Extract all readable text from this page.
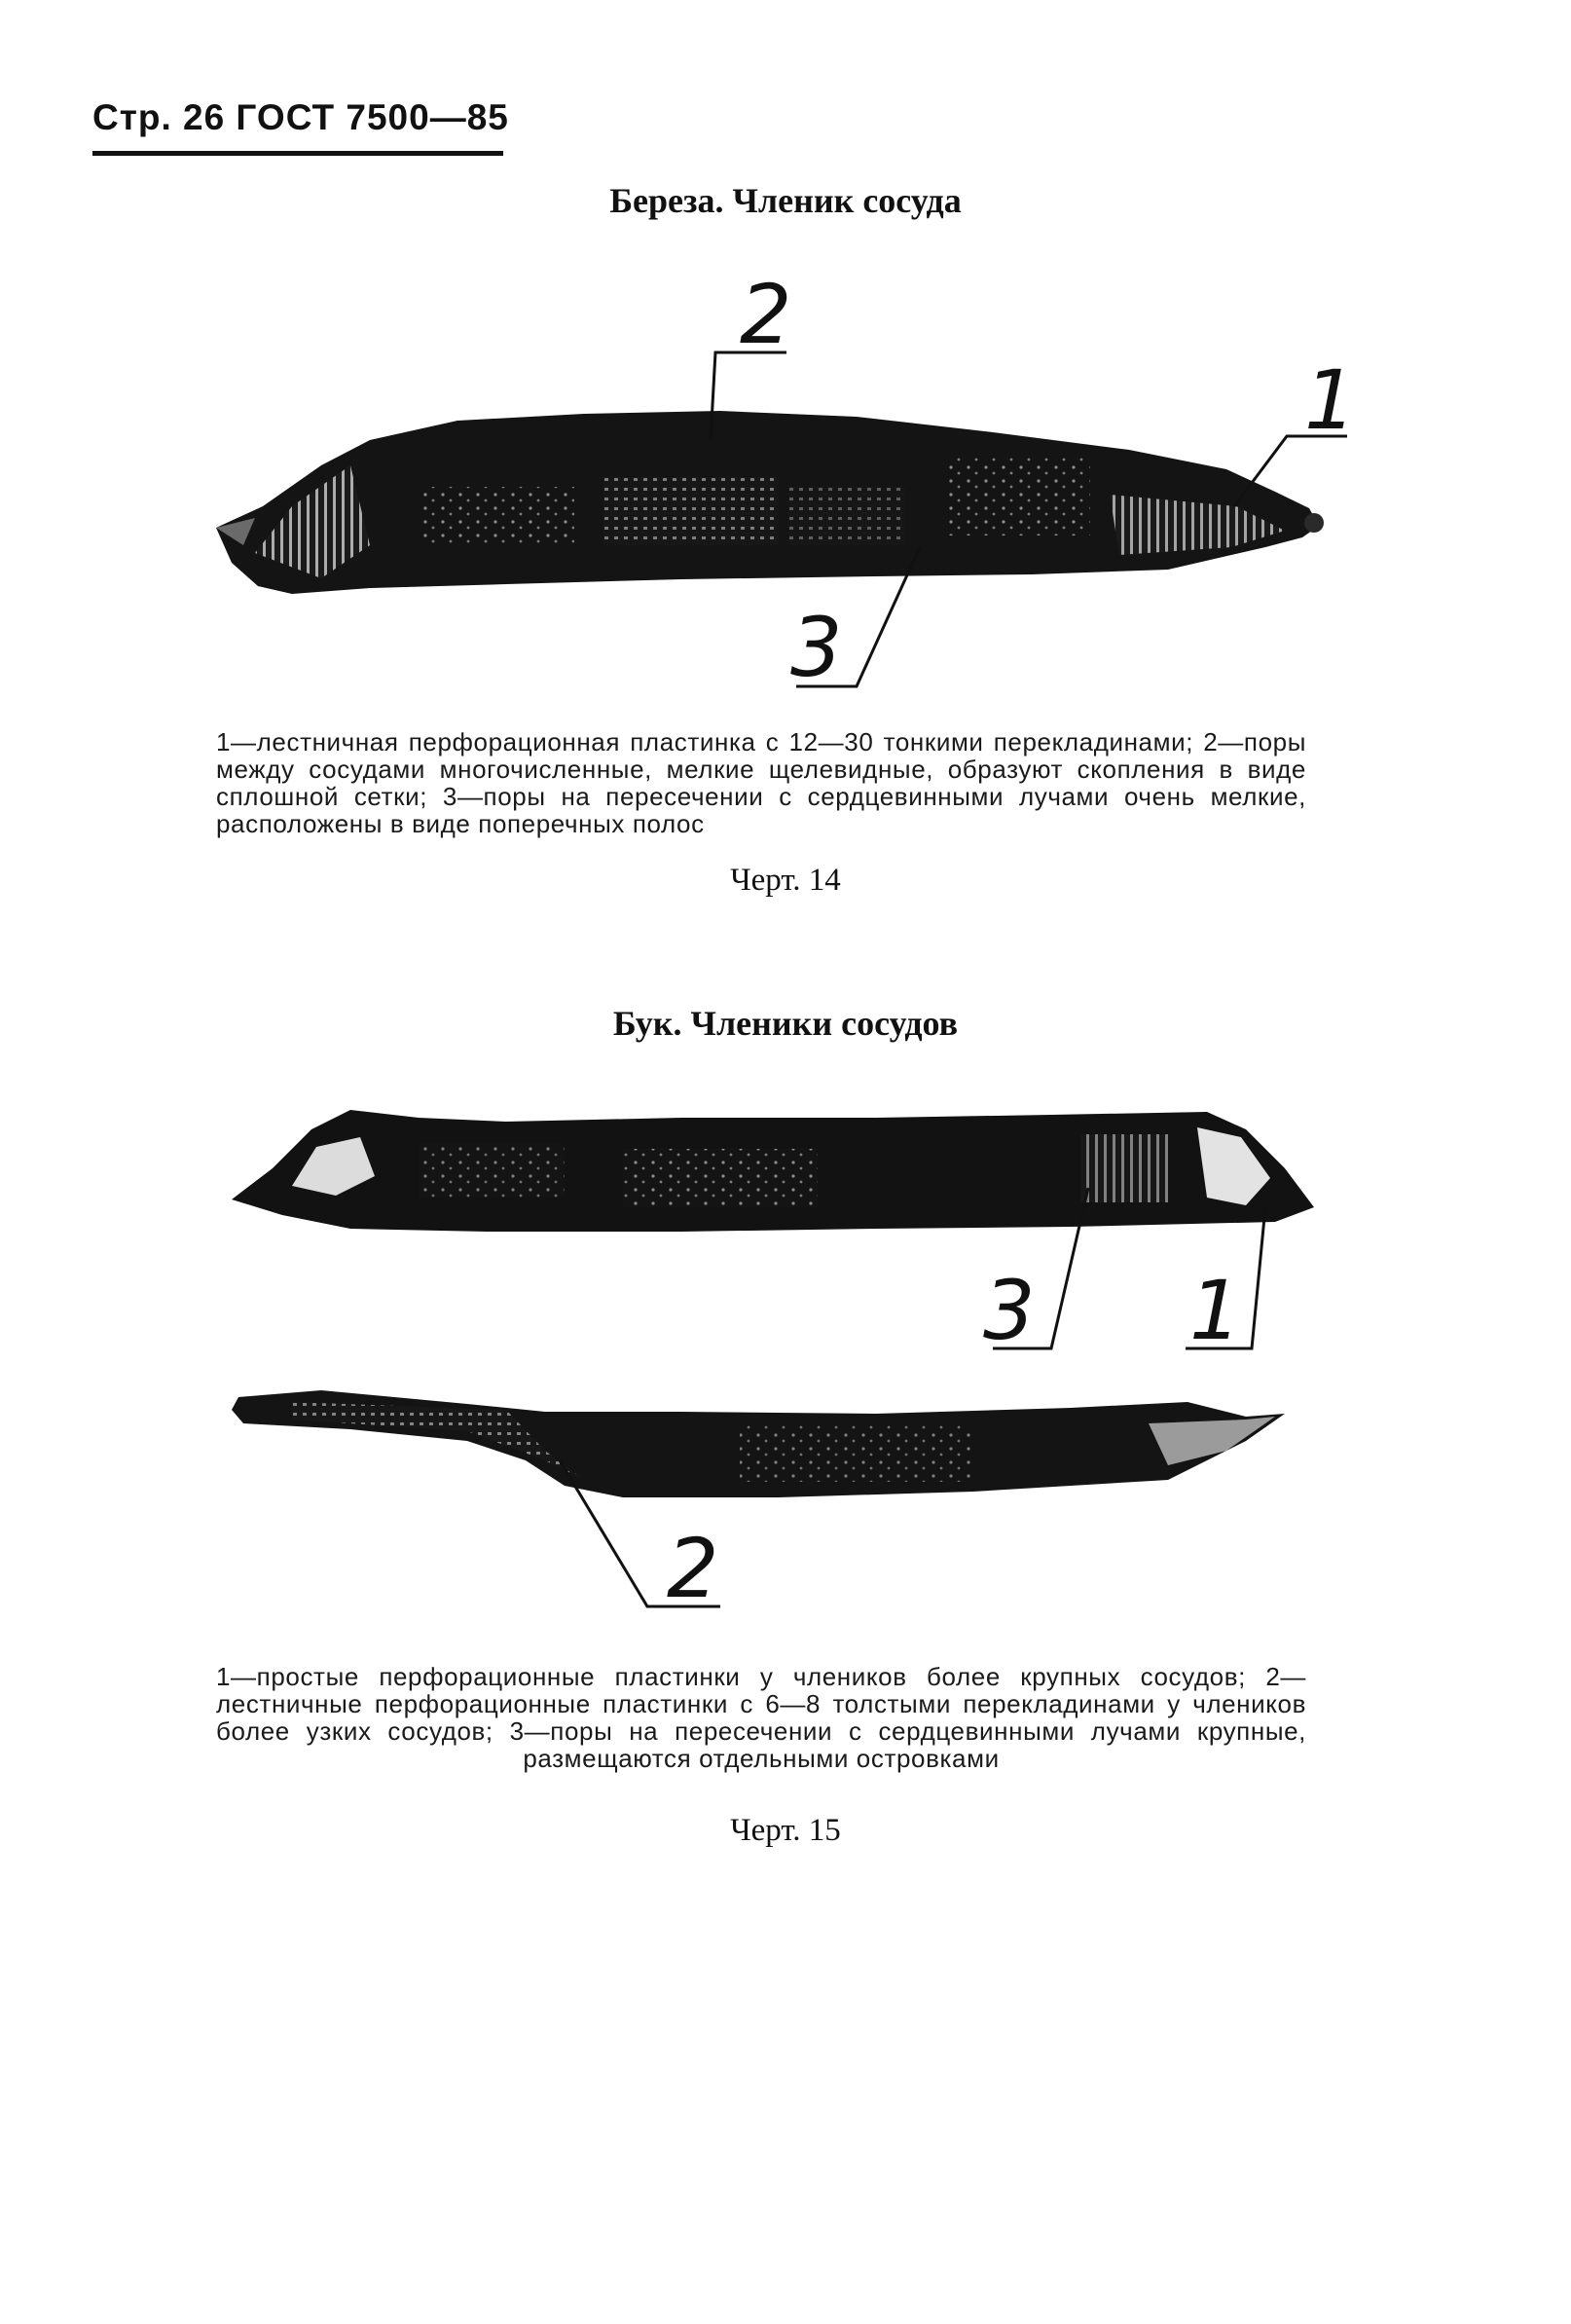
Стр. 26 ГОСТ 7500—85
Береза. Членик сосуда
2
1
3
3 1
2
1—лестничная перфорационная пластинка с 12—30 тонкими перекладинами; 2—поры между сосудами многочисленные, мелкие щелевидные, образуют скопления в виде сплошной сетки; 3—поры на пересечении с сердцевинными лучами очень мелкие, расположены в виде поперечных полос
Черт. 14
Бук. Членики сосудов
1—простые перфорационные пластинки у члеников более крупных сосудов; 2—лестничные перфорационные пластинки с 6—8 толстыми перекладинами у члеников более узких сосудов; 3—поры на пересечении с сердцевинными лучами крупные, размещаются отдельными островками
Черт. 15
